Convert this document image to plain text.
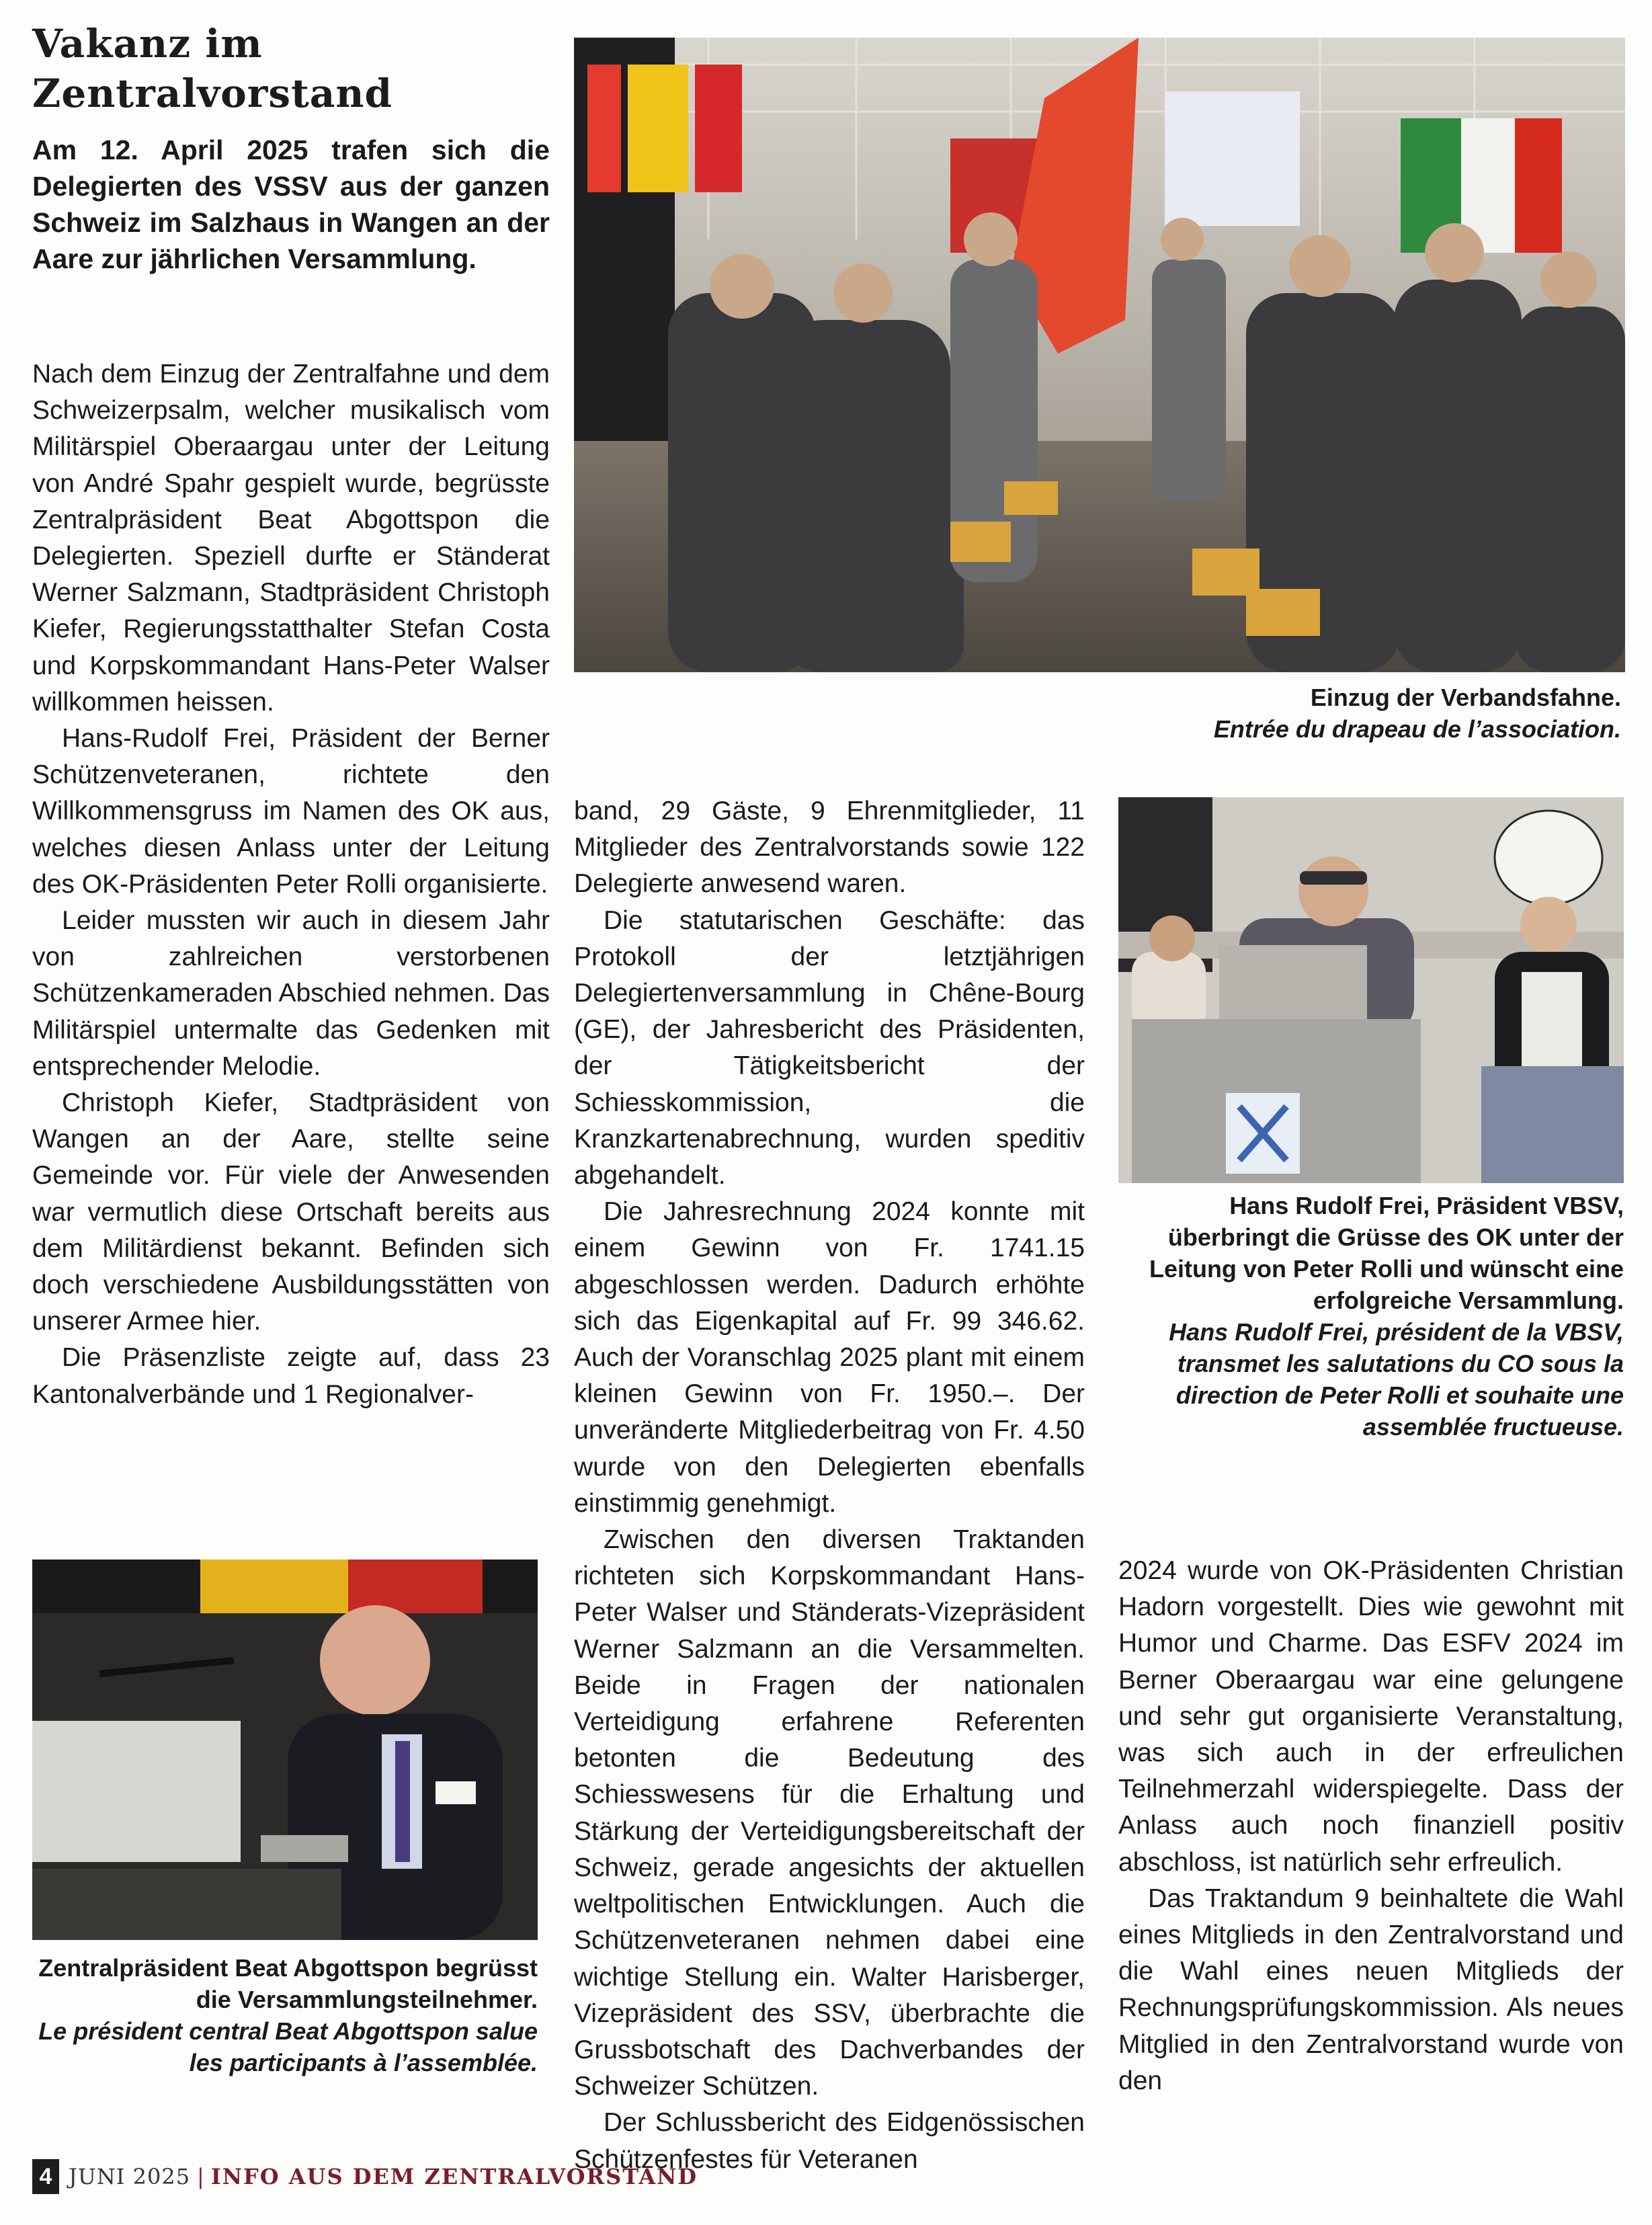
Vakanz im Zentralvorstand
Am 12. April 2025 trafen sich die Delegierten des VSSV aus der ganzen Schweiz im Salzhaus in Wangen an der Aare zur jährlichen Versammlung.

Nach dem Einzug der Zentralfahne und dem Schweizerpsalm, welcher musikalisch vom Militärspiel Oberaargau unter der Leitung von André Spahr gespielt wurde, begrüsste Zentralpräsident Beat Abgottspon die Delegierten. Speziell durfte er Ständerat Werner Salzmann, Stadtpräsident Christoph Kiefer, Regierungsstatthalter Stefan Costa und Korpskommandant Hans-Peter Walser willkommen heissen.

Hans-Rudolf Frei, Präsident der Berner Schützenveteranen, richtete den Willkommensgruss im Namen des OK aus, welches diesen Anlass unter der Leitung des OK-Präsidenten Peter Rolli organisierte.

Leider mussten wir auch in diesem Jahr von zahlreichen verstorbenen Schützenkameraden Abschied nehmen. Das Militärspiel untermalte das Gedenken mit entsprechender Melodie.

Christoph Kiefer, Stadtpräsident von Wangen an der Aare, stellte seine Gemeinde vor. Für viele der Anwesenden war vermutlich diese Ortschaft bereits aus dem Militärdienst bekannt. Befinden sich doch verschiedene Ausbildungsstätten von unserer Armee hier.

Die Präsenzliste zeigte auf, dass 23 Kantonalverbände und 1 Regionalver-

Einzug der Verbandsfahne.
Entrée du drapeau de l’association.

band, 29 Gäste, 9 Ehrenmitglieder, 11 Mitglieder des Zentralvorstands sowie 122 Delegierte anwesend waren.

Die statutarischen Geschäfte: das Protokoll der letztjährigen Delegiertenversammlung in Chêne-Bourg (GE), der Jahresbericht des Präsidenten, der Tätigkeitsbericht der Schiesskommission, die Kranzkartenabrechnung, wurden speditiv abgehandelt.

Die Jahresrechnung 2024 konnte mit einem Gewinn von Fr. 1741.15 abgeschlossen werden. Dadurch erhöhte sich das Eigenkapital auf Fr. 99 346.62. Auch der Voranschlag 2025 plant mit einem kleinen Gewinn von Fr. 1950.–. Der unveränderte Mitgliederbeitrag von Fr. 4.50 wurde von den Delegierten ebenfalls einstimmig genehmigt.

Zwischen den diversen Traktanden richteten sich Korpskommandant Hans-Peter Walser und Ständerats-Vizepräsident Werner Salzmann an die Versammelten. Beide in Fragen der nationalen Verteidigung erfahrene Referenten betonten die Bedeutung des Schiesswesens für die Erhaltung und Stärkung der Verteidigungsbereitschaft der Schweiz, gerade angesichts der aktuellen weltpolitischen Entwicklungen. Auch die Schützenveteranen nehmen dabei eine wichtige Stellung ein. Walter Harisberger, Vizepräsident des SSV, überbrachte die Grussbotschaft des Dachverbandes der Schweizer Schützen.

Der Schlussbericht des Eidgenössischen Schützenfestes für Veteranen

Hans Rudolf Frei, Präsident VBSV, überbringt die Grüsse des OK unter der Leitung von Peter Rolli und wünscht eine erfolgreiche Versammlung.
Hans Rudolf Frei, président de la VBSV, transmet les salutations du CO sous la direction de Peter Rolli et souhaite une assemblée fructueuse.

2024 wurde von OK-Präsidenten Christian Hadorn vorgestellt. Dies wie gewohnt mit Humor und Charme. Das ESFV 2024 im Berner Oberaargau war eine gelungene und sehr gut organisierte Veranstaltung, was sich auch in der erfreulichen Teilnehmerzahl widerspiegelte. Dass der Anlass auch noch finanziell positiv abschloss, ist natürlich sehr erfreulich.

Das Traktandum 9 beinhaltete die Wahl eines Mitglieds in den Zentralvorstand und die Wahl eines neuen Mitglieds der Rechnungsprüfungskommission. Als neues Mitglied in den Zentralvorstand wurde von den

Zentralpräsident Beat Abgottspon begrüsst die Versammlungsteilnehmer.
Le président central Beat Abgottspon salue les participants à l’assemblée.
4 JUNI 2025 | INFO AUS DEM ZENTRALVORSTAND
